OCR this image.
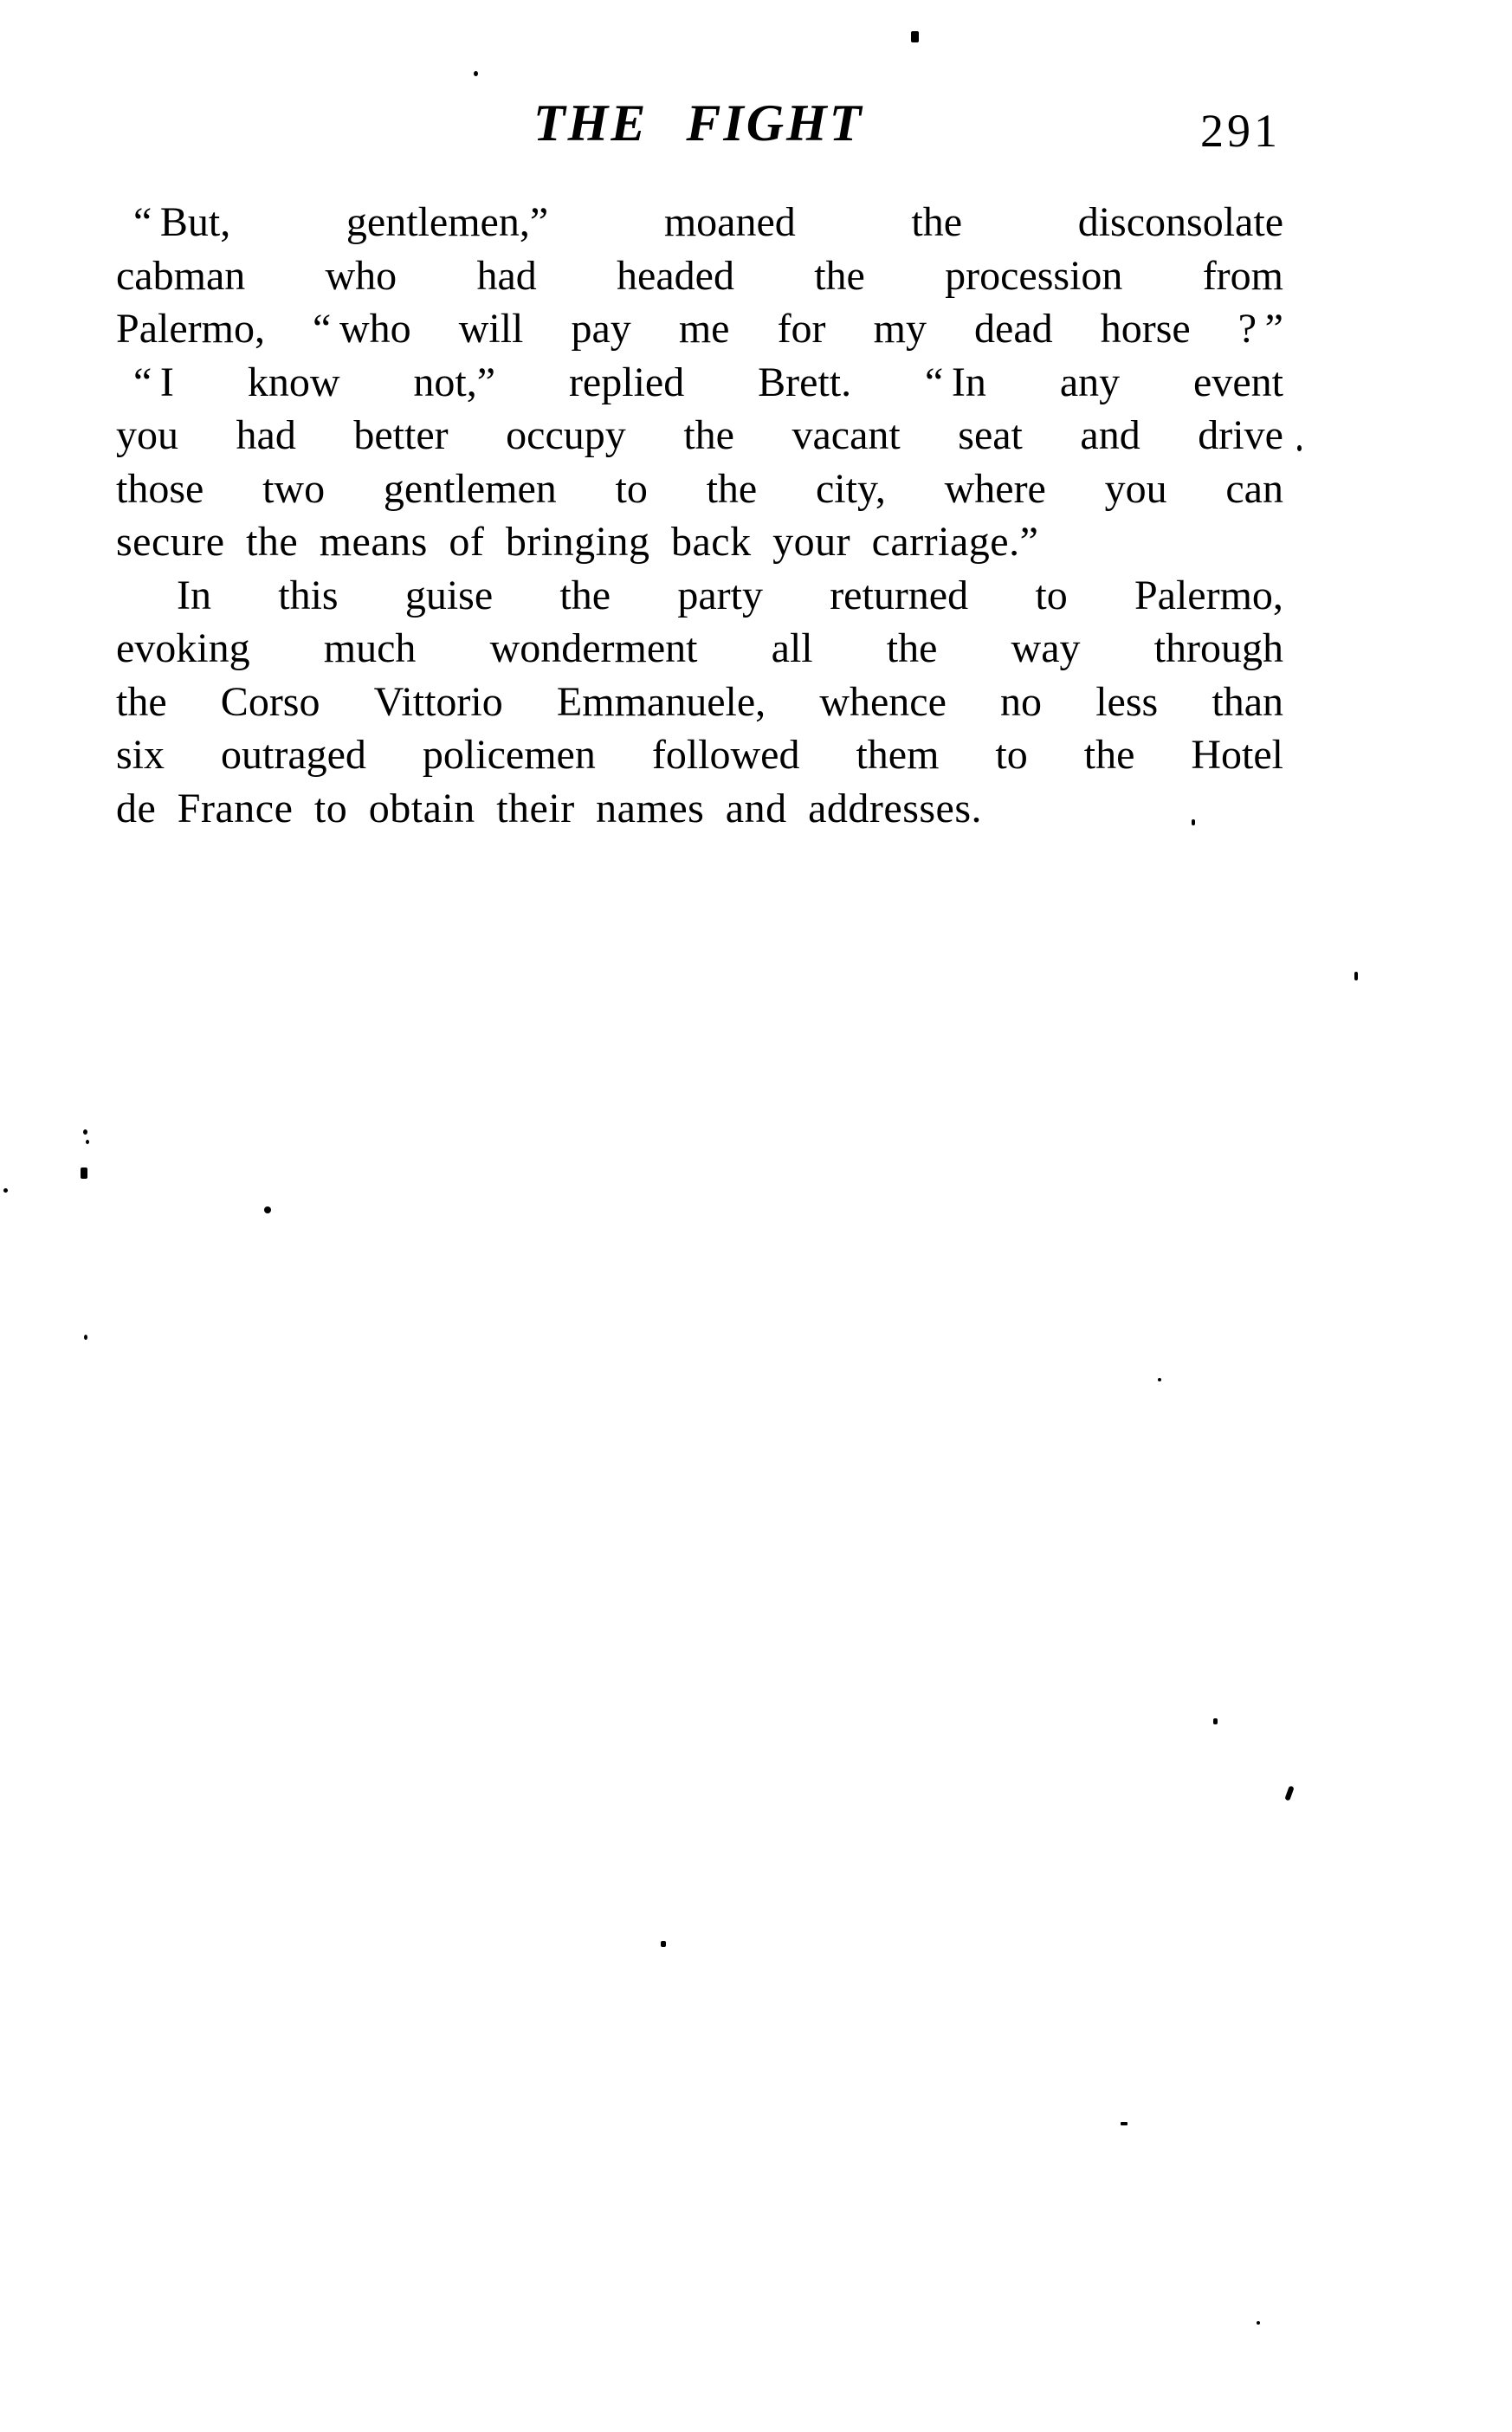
THE FIGHT	291
“ But,	gentlemen,”	moaned	the	disconsolate
cabman who had headed the procession from
Palermo, “ who will pay me for my dead horse ? ”
“ I know not,” replied Brett. “ In any event
you had better occupy the vacant seat and drive
those two gentlemen to the city, where you can
secure the means of bringing back your carriage.”
In this guise the party returned to Palermo,
evoking much wonderment all the way through
the Corso Vittorio Emmanuele, whence no less than
six outraged policemen followed them to the Hotel
de France to obtain their names and addresses.
